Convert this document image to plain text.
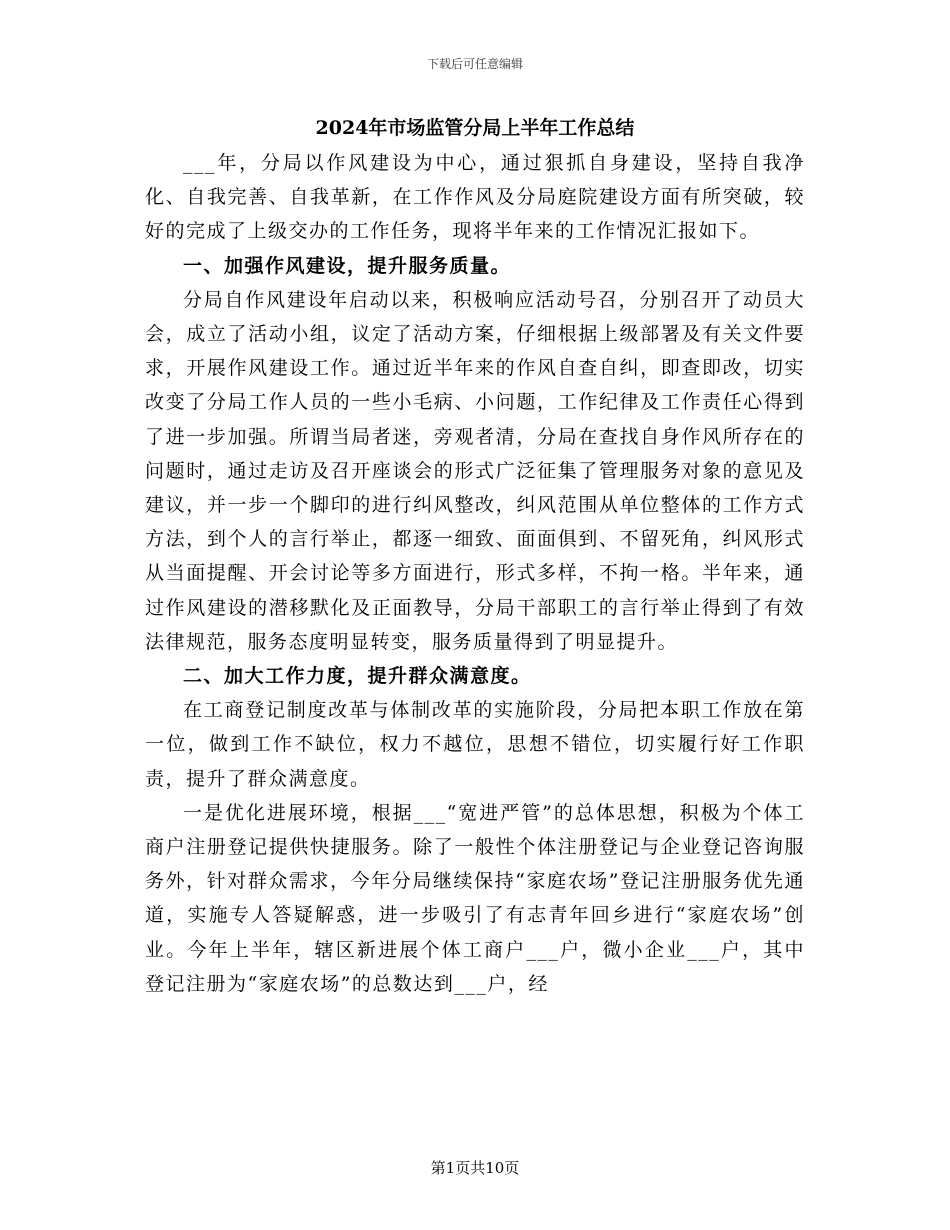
下载后可任意编辑
2024年市场监管分局上半年工作总结

___年，分局以作风建设为中心，通过狠抓自身建设，坚持自我净化、自我完善、自我革新，在工作作风及分局庭院建设方面有所突破，较好的完成了上级交办的工作任务，现将半年来的工作情况汇报如下。

一、加强作风建设，提升服务质量。

分局自作风建设年启动以来，积极响应活动号召，分别召开了动员大会，成立了活动小组，议定了活动方案，仔细根据上级部署及有关文件要求，开展作风建设工作。通过近半年来的作风自查自纠，即查即改，切实改变了分局工作人员的一些小毛病、小问题，工作纪律及工作责任心得到了进一步加强。所谓当局者迷，旁观者清，分局在查找自身作风所存在的问题时，通过走访及召开座谈会的形式广泛征集了管理服务对象的意见及建议，并一步一个脚印的进行纠风整改，纠风范围从单位整体的工作方式方法，到个人的言行举止，都逐一细致、面面俱到、不留死角，纠风形式从当面提醒、开会讨论等多方面进行，形式多样，不拘一格。半年来，通过作风建设的潜移默化及正面教导，分局干部职工的言行举止得到了有效法律规范，服务态度明显转变，服务质量得到了明显提升。

二、加大工作力度，提升群众满意度。

在工商登记制度改革与体制改革的实施阶段，分局把本职工作放在第一位，做到工作不缺位，权力不越位，思想不错位，切实履行好工作职责，提升了群众满意度。

一是优化进展环境，根据___“宽进严管”的总体思想，积极为个体工商户注册登记提供快捷服务。除了一般性个体注册登记与企业登记咨询服务外，针对群众需求，今年分局继续保持“家庭农场”登记注册服务优先通道，实施专人答疑解惑，进一步吸引了有志青年回乡进行“家庭农场”创业。今年上半年，辖区新进展个体工商户___户，微小企业___户，其中登记注册为“家庭农场”的总数达到___户，经

第1页共10页
